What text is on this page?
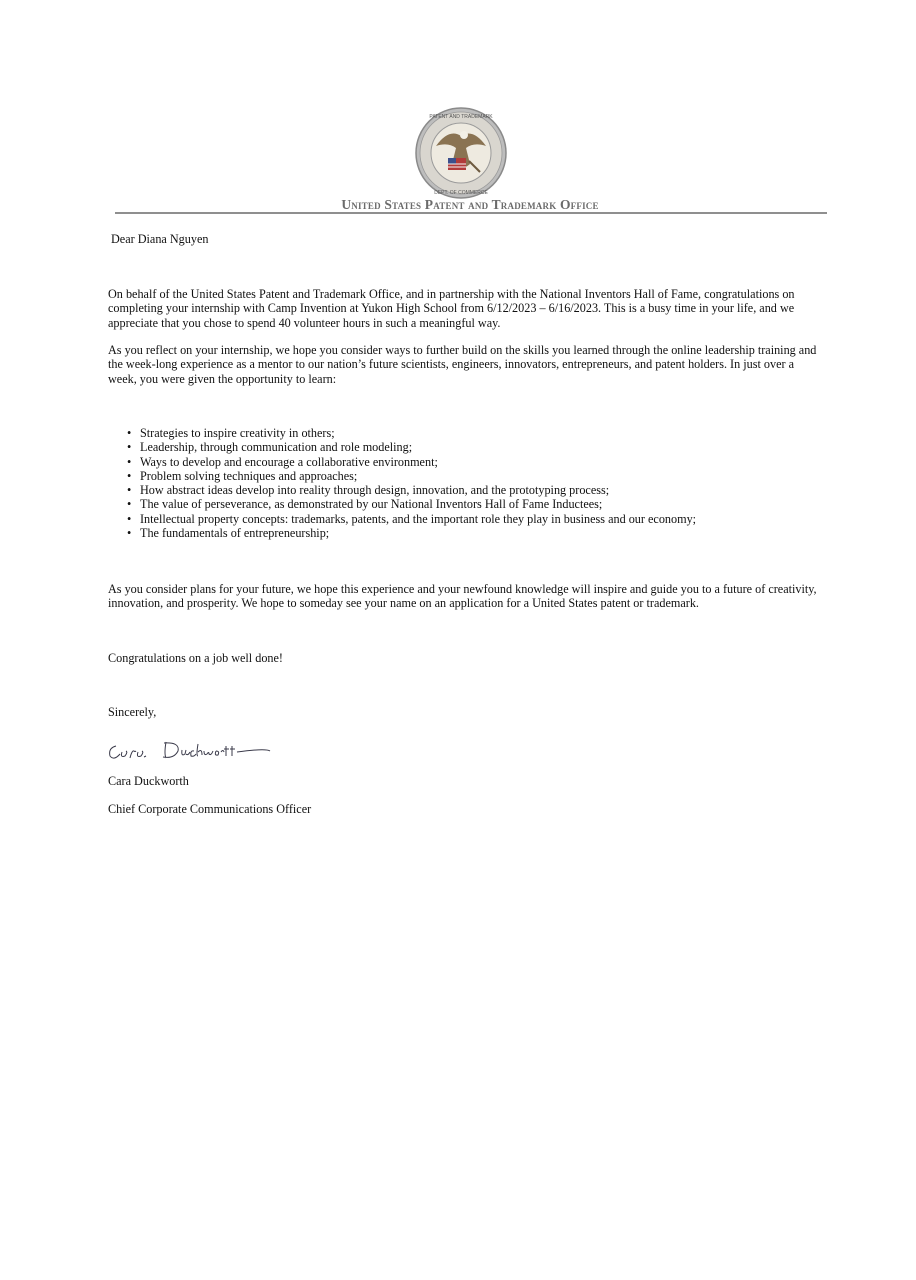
PATENT AND TRADEMARK
DEPT. OF COMMERCE
United States Patent and Trademark Office
Dear Diana Nguyen
On behalf of the United States Patent and Trademark Office, and in partnership with the National Inventors Hall of Fame, congratulations on completing your internship with Camp Invention at Yukon High School from 6/12/2023 – 6/16/2023. This is a busy time in your life, and we appreciate that you chose to spend 40 volunteer hours in such a meaningful way.
As you reflect on your internship, we hope you consider ways to further build on the skills you learned through the online leadership training and the week-long experience as a mentor to our nation’s future scientists, engineers, innovators, entrepreneurs, and patent holders. In just over a week, you were given the opportunity to learn:
• Strategies to inspire creativity in others;
• Leadership, through communication and role modeling;
• Ways to develop and encourage a collaborative environment;
• Problem solving techniques and approaches;
• How abstract ideas develop into reality through design, innovation, and the prototyping process;
• The value of perseverance, as demonstrated by our National Inventors Hall of Fame Inductees;
• Intellectual property concepts: trademarks, patents, and the important role they play in business and our economy;
• The fundamentals of entrepreneurship;
As you consider plans for your future, we hope this experience and your newfound knowledge will inspire and guide you to a future of creativity, innovation, and prosperity. We hope to someday see your name on an application for a United States patent or trademark.
Congratulations on a job well done!
Sincerely,
Cara Duckworth
Chief Corporate Communications Officer
